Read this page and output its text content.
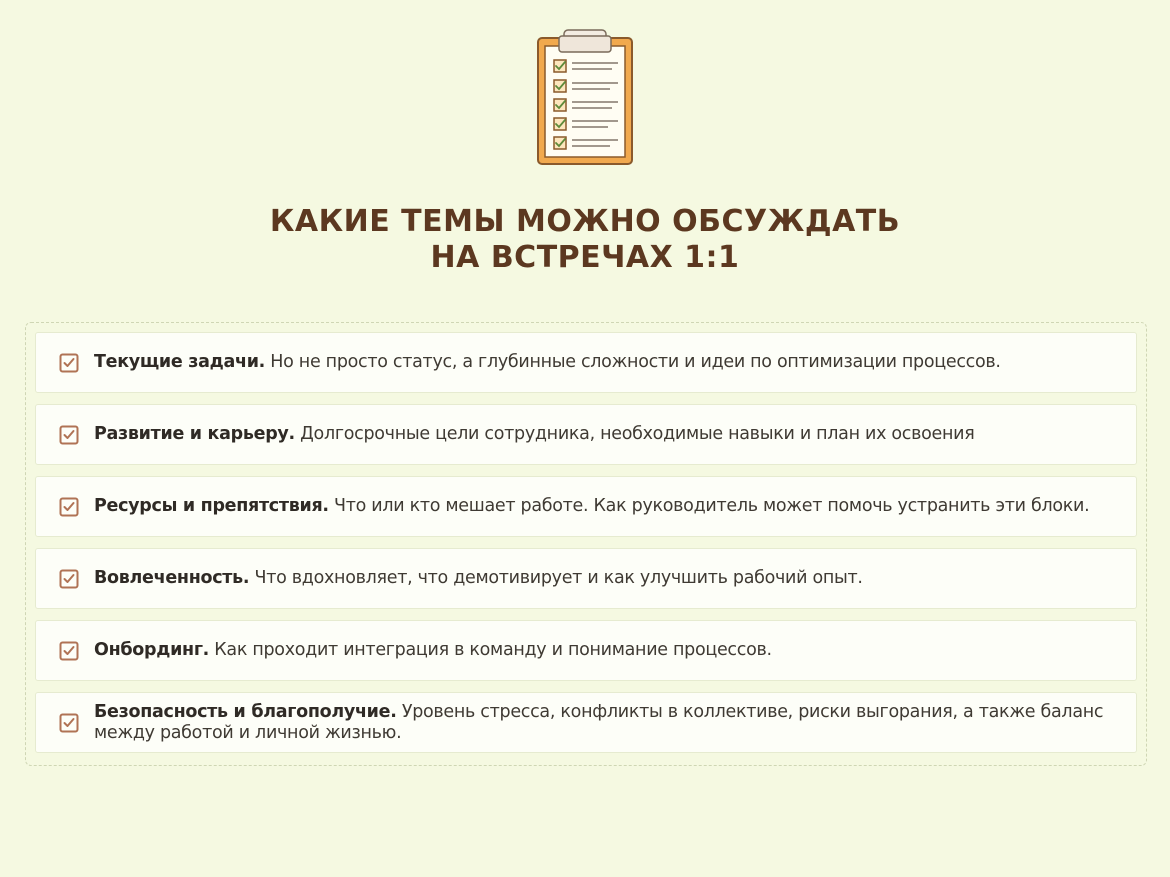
КАКИЕ ТЕМЫ МОЖНО ОБСУЖДАТЬ
НА ВСТРЕЧАХ 1:1

Текущие задачи. Но не просто статус, а глубинные сложности и идеи по оптимизации процессов.

Развитие и карьеру. Долгосрочные цели сотрудника, необходимые навыки и план их освоения

Ресурсы и препятствия. Что или кто мешает работе. Как руководитель может помочь устранить эти блоки.

Вовлеченность. Что вдохновляет, что демотивирует и как улучшить рабочий опыт.

Онбординг. Как проходит интеграция в команду и понимание процессов.

Безопасность и благополучие. Уровень стресса, конфликты в коллективе, риски выгорания, а также баланс между работой и личной жизнью.
